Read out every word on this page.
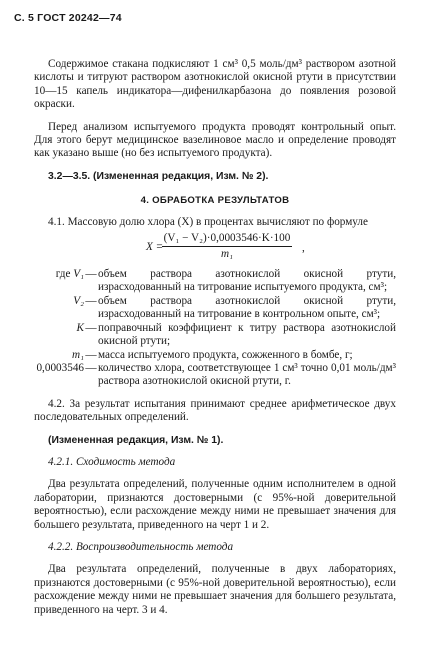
С. 5 ГОСТ 20242—74

Содержимое стакана подкисляют 1 см³ 0,5 моль/дм³ раствором азотной кислоты и титруют раствором азотнокислой окисной ртути в присутствии 10—15 капель индикатора—дифенилкарбазона до появления розовой окраски.

Перед анализом испытуемого продукта проводят контрольный опыт. Для этого берут медицинское вазелиновое масло и определение проводят как указано выше (но без испытуемого продукта).

3.2—3.5. (Измененная редакция, Изм. № 2).

4. ОБРАБОТКА РЕЗУЛЬТАТОВ

4.1. Массовую долю хлора (X) в процентах вычисляют по формуле

X =
$\frac{\text{(V₁ − V₂)·0,0003546·K·100}}{\text{m₁}}$ ,
где V₁ — объем раствора азотнокислой окисной ртути, израсходованный на титрование испытуемого продукта, см³;
V₂ — объем раствора азотнокислой окисной ртути, израсходованный на титрование в контрольном опыте, см³;
K — поправочный коэффициент к титру раствора азотнокислой окисной ртути;
m₁ — масса испытуемого продукта, сожженного в бомбе, г;
0,0003546 — количество хлора, соответствующее 1 см³ точно 0,01 моль/дм³ раствора азотнокислой окисной ртути, г.

4.2. За результат испытания принимают среднее арифметическое двух последовательных определений.

(Измененная редакция, Изм. № 1).

4.2.1. Сходимость метода

Два результата определений, полученные одним исполнителем в одной лаборатории, признаются достоверными (с 95%-ной доверительной вероятностью), если расхождение между ними не превышает значения для большего результата, приведенного на черт 1 и 2.

4.2.2. Воспроизводительность метода

Два результата определений, полученные в двух лабораториях, признаются достоверными (с 95%-ной доверительной вероятностью), если расхождение между ними не превышает значения для большего результата, приведенного на черт. 3 и 4.
